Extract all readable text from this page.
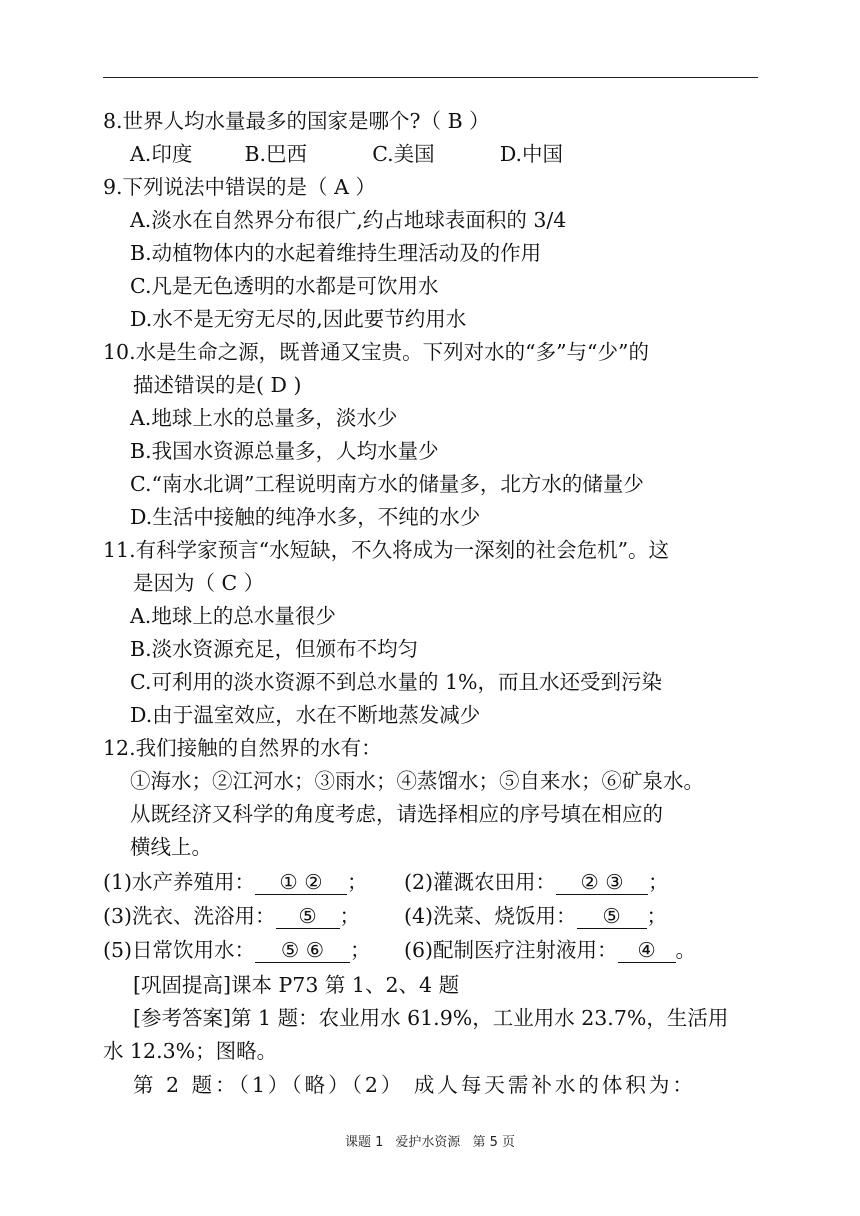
8.世界人均水量最多的国家是哪个?（ B ）
A.印度        B.巴西          C.美国          D.中国
9.下列说法中错误的是（ A ）
A.淡水在自然界分布很广,约占地球表面积的 3/4
B.动植物体内的水起着维持生理活动及的作用
C.凡是无色透明的水都是可饮用水
D.水不是无穷无尽的,因此要节约用水
10.水是生命之源，既普通又宝贵。下列对水的“多”与“少”的
描述错误的是( D )
A.地球上水的总量多，淡水少
B.我国水资源总量多，人均水量少
C.“南水北调”工程说明南方水的储量多，北方水的储量少
D.生活中接触的纯净水多，不纯的水少
11.有科学家预言“水短缺，不久将成为一深刻的社会危机”。这
是因为（ C ）
A.地球上的总水量很少
B.淡水资源充足，但颁布不均匀
C.可利用的淡水资源不到总水量的 1%，而且水还受到污染
D.由于温室效应，水在不断地蒸发减少
12.我们接触的自然界的水有：
①海水；②江河水；③雨水；④蒸馏水；⑤自来水；⑥矿泉水。
从既经济又科学的角度考虑，请选择相应的序号填在相应的
横线上。
(1)水产养殖用： ① ② ； (2)灌溉农田用： ② ③ ；
(3)洗衣、洗浴用： ⑤ ； (4)洗菜、烧饭用： ⑤ ；
(5)日常饮用水： ⑤ ⑥ ； (6)配制医疗注射液用： ④ 。
[巩固提高]课本 P73 第 1、2、4 题
[参考答案]第 1 题：农业用水 61.9%，工业用水 23.7%，生活用
水 12.3%；图略。
第 2 题：（1）（略）（2） 成人每天需补水的体积为：
课题 1 爱护水资源 第 5 页
